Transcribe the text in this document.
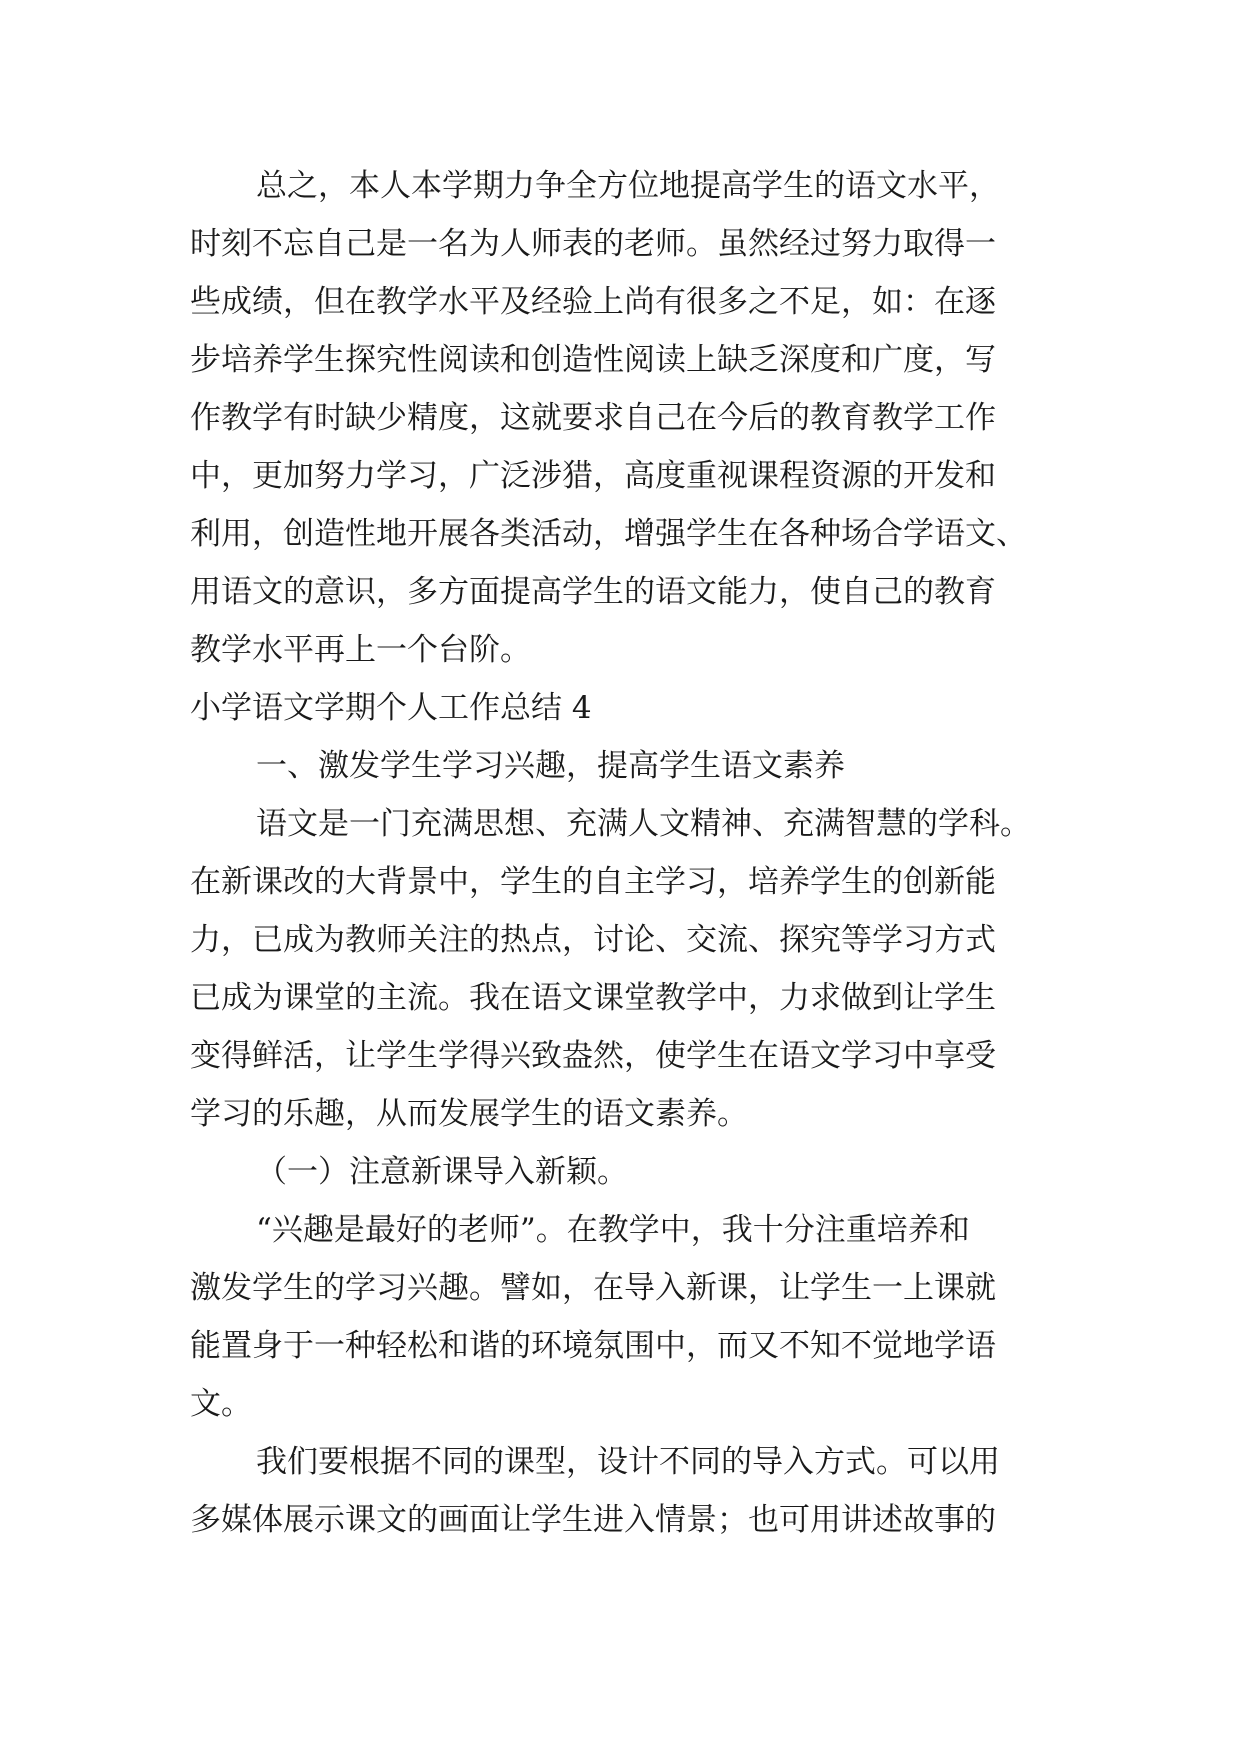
总之，本人本学期力争全方位地提高学生的语文水平，
时刻不忘自己是一名为人师表的老师。虽然经过努力取得一
些成绩，但在教学水平及经验上尚有很多之不足，如：在逐
步培养学生探究性阅读和创造性阅读上缺乏深度和广度，写
作教学有时缺少精度，这就要求自己在今后的教育教学工作
中，更加努力学习，广泛涉猎，高度重视课程资源的开发和
利用，创造性地开展各类活动，增强学生在各种场合学语文、
用语文的意识，多方面提高学生的语文能力，使自己的教育
教学水平再上一个台阶。
小学语文学期个人工作总结 4
一、激发学生学习兴趣，提高学生语文素养
语文是一门充满思想、充满人文精神、充满智慧的学科。
在新课改的大背景中，学生的自主学习，培养学生的创新能
力，已成为教师关注的热点，讨论、交流、探究等学习方式
已成为课堂的主流。我在语文课堂教学中，力求做到让学生
变得鲜活，让学生学得兴致盎然，使学生在语文学习中享受
学习的乐趣，从而发展学生的语文素养。
（一）注意新课导入新颖。
“兴趣是最好的老师”。在教学中，我十分注重培养和
激发学生的学习兴趣。譬如，在导入新课，让学生一上课就
能置身于一种轻松和谐的环境氛围中，而又不知不觉地学语
文。
我们要根据不同的课型，设计不同的导入方式。可以用
多媒体展示课文的画面让学生进入情景；也可用讲述故事的
